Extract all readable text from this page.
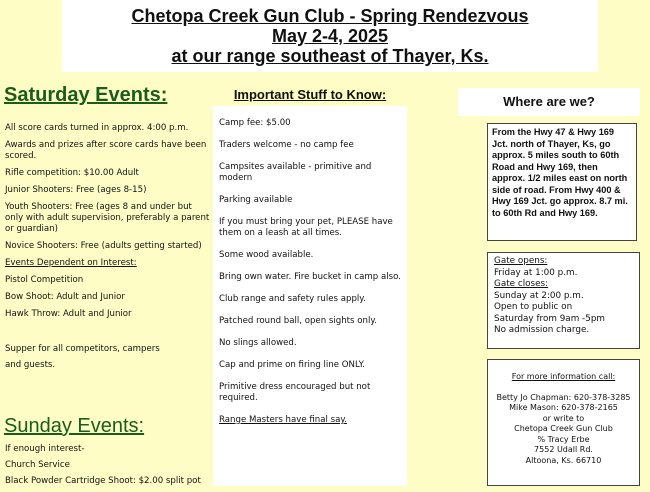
Chetopa Creek Gun Club - Spring Rendezvous
May 2-4, 2025
at our range southeast of Thayer, Ks.
Saturday Events:

All score cards turned in approx. 4:00 p.m.

Awards and prizes after score cards have been scored.

Rifle competition: $10.00 Adult

Junior Shooters: Free (ages 8-15)

Youth Shooters: Free (ages 8 and under but only with adult supervision, preferably a parent or guardian)

Novice Shooters: Free (adults getting started)

Events Dependent on Interest:

Pistol Competition

Bow Shoot: Adult and Junior

Hawk Throw: Adult and Junior

Supper for all competitors, campers

and guests.

Sunday Events:

If enough interest-

Church Service

Black Powder Cartridge Shoot: $2.00 split pot

Important Stuff to Know:

Camp fee: $5.00

Traders welcome - no camp fee

Campsites available - primitive and modern

Parking available

If you must bring your pet, PLEASE have them on a leash at all times.

Some wood available.

Bring own water. Fire bucket in camp also.

Club range and safety rules apply.

Patched round ball, open sights only.

No slings allowed.

Cap and prime on firing line ONLY.

Primitive dress encouraged but not required.

Range Masters have final say.

Where are we?
From the Hwy 47 & Hwy 169 Jct. north of Thayer, Ks, go approx. 5 miles south to 60th Road and Hwy 169, then approx. 1/2 miles east on north side of road. From Hwy 400 & Hwy 169 Jct. go approx. 8.7 mi. to 60th Rd and Hwy 169.
Gate opens:
Friday at 1:00 p.m.
Gate closes:
Sunday at 2:00 p.m.
Open to public on
Saturday from 9am -5pm
No admission charge.
For more information call:
Betty Jo Chapman: 620-378-3285
Mike Mason: 620-378-2165
or write to
Chetopa Creek Gun Club
% Tracy Erbe
7552 Udall Rd.
Altoona, Ks. 66710
